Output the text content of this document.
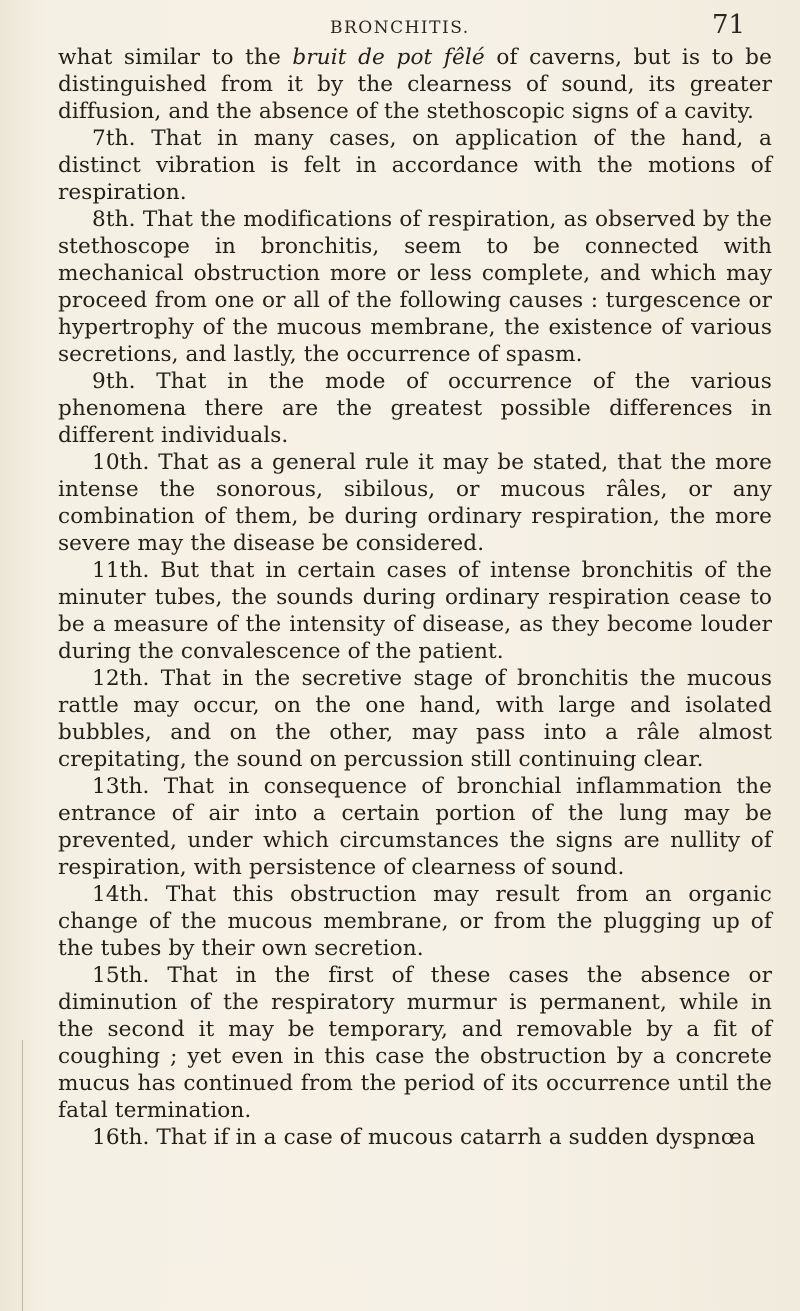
BRONCHITIS.	71

what similar to the bruit de pot fêlé of caverns, but is to be distinguished from it by the clearness of sound, its greater diffusion, and the absence of the stethoscopic signs of a cavity.

7th. That in many cases, on application of the hand, a distinct vibration is felt in accordance with the motions of respiration.

8th. That the modifications of respiration, as observed by the stethoscope in bronchitis, seem to be connected with mechanical obstruction more or less complete, and which may proceed from one or all of the following causes : turgescence or hypertrophy of the mucous membrane, the existence of various secretions, and lastly, the occurrence of spasm.

9th. That in the mode of occurrence of the various phenomena there are the greatest possible differences in different individuals.

10th. That as a general rule it may be stated, that the more intense the sonorous, sibilous, or mucous râles, or any combination of them, be during ordinary respiration, the more severe may the disease be considered.

11th. But that in certain cases of intense bronchitis of the minuter tubes, the sounds during ordinary respiration cease to be a measure of the intensity of disease, as they become louder during the convalescence of the patient.

12th. That in the secretive stage of bronchitis the mucous rattle may occur, on the one hand, with large and isolated bubbles, and on the other, may pass into a râle almost crepitating, the sound on percussion still continuing clear.

13th. That in consequence of bronchial inflammation the entrance of air into a certain portion of the lung may be prevented, under which circumstances the signs are nullity of respiration, with persistence of clearness of sound.

14th. That this obstruction may result from an organic change of the mucous membrane, or from the plugging up of the tubes by their own secretion.

15th. That in the first of these cases the absence or diminution of the respiratory murmur is permanent, while in the second it may be temporary, and removable by a fit of coughing ; yet even in this case the obstruction by a concrete mucus has continued from the period of its occurrence until the fatal termination.

16th. That if in a case of mucous catarrh a sudden dyspnœa
